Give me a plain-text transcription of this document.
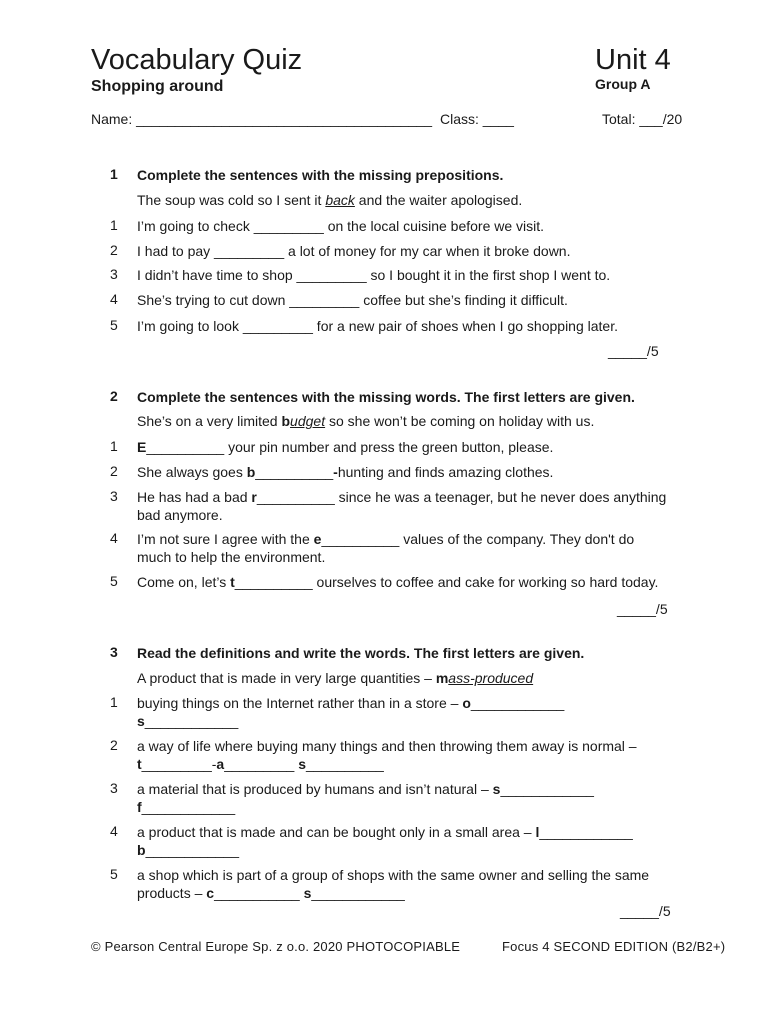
Vocabulary Quiz	Unit 4
Shopping around	Group A
Name: ______________________________________ Class: ____	Total: ___/20
1 Complete the sentences with the missing prepositions.
The soup was cold so I sent it back and the waiter apologised.
1 I’m going to check _________ on the local cuisine before we visit.
2 I had to pay _________ a lot of money for my car when it broke down.
3 I didn’t have time to shop _________ so I bought it in the first shop I went to.
4 She’s trying to cut down _________ coffee but she’s finding it difficult.
5 I’m going to look _________ for a new pair of shoes when I go shopping later.
_____/5
2 Complete the sentences with the missing words. The first letters are given.
She’s on a very limited budget so she won’t be coming on holiday with us.
1 E__________ your pin number and press the green button, please.
2 She always goes b__________-hunting and finds amazing clothes.
3 He has had a bad r__________ since he was a teenager, but he never does anything
bad anymore.
4 I’m not sure I agree with the e__________ values of the company. They don't do
much to help the environment.
5 Come on, let’s t__________ ourselves to coffee and cake for working so hard today.
_____/5
3 Read the definitions and write the words. The first letters are given.
A product that is made in very large quantities – mass-produced
1 buying things on the Internet rather than in a store – o____________
s____________
2 a way of life where buying many things and then throwing them away is normal –
t_________-a_________ s__________
3 a material that is produced by humans and isn’t natural – s____________
f____________
4 a product that is made and can be bought only in a small area – l____________
b____________
5 a shop which is part of a group of shops with the same owner and selling the same
products – c___________ s____________
_____/5
© Pearson Central Europe Sp. z o.o. 2020 PHOTOCOPIABLE	Focus 4 SECOND EDITION (B2/B2+)
